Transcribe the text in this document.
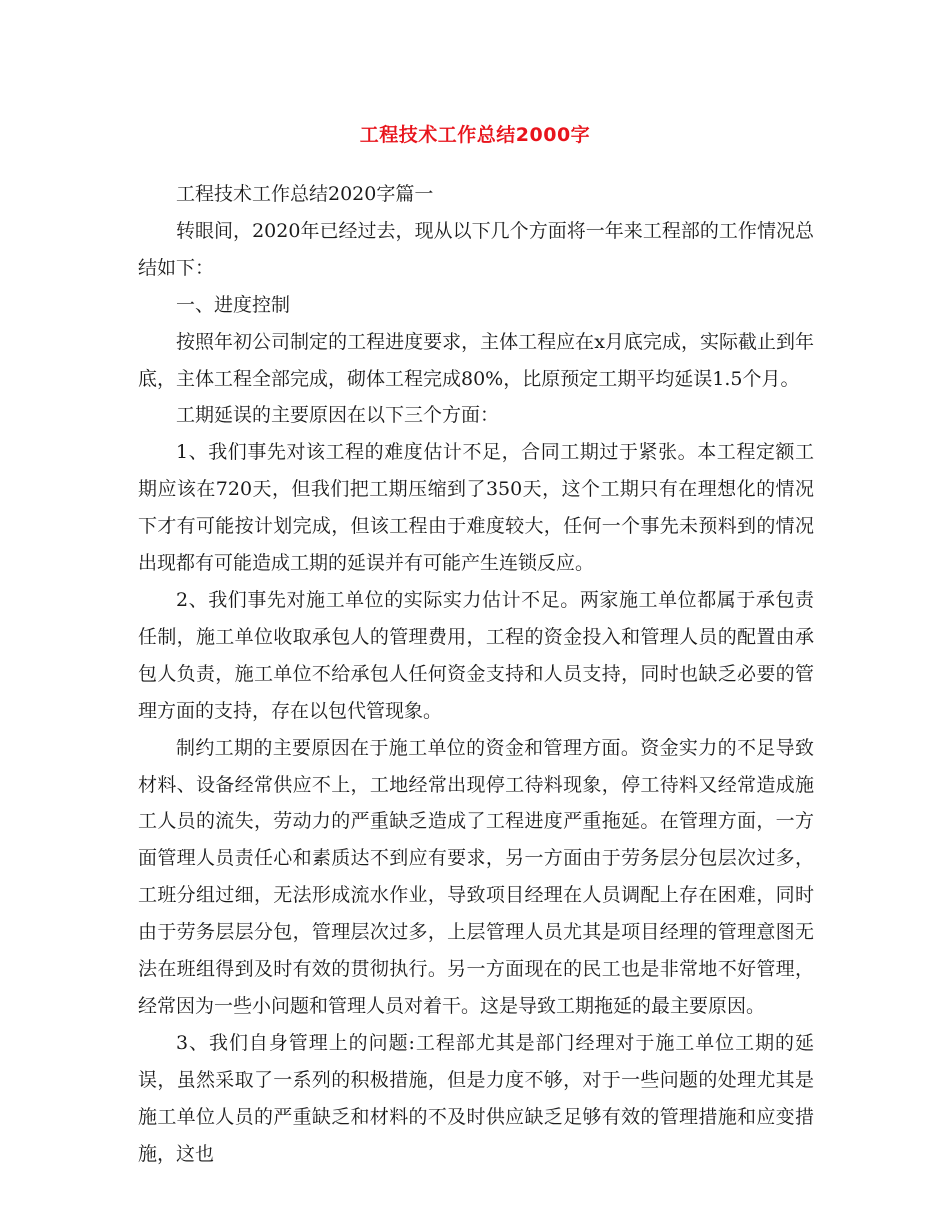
工程技术工作总结2000字

工程技术工作总结2020字篇一

转眼间，2020年已经过去，现从以下几个方面将一年来工程部的工作情况总结如下：

一、进度控制

按照年初公司制定的工程进度要求，主体工程应在x月底完成，实际截止到年底，主体工程全部完成，砌体工程完成80%，比原预定工期平均延误1.5个月。

工期延误的主要原因在以下三个方面：

1、我们事先对该工程的难度估计不足，合同工期过于紧张。本工程定额工期应该在720天，但我们把工期压缩到了350天，这个工期只有在理想化的情况下才有可能按计划完成，但该工程由于难度较大，任何一个事先未预料到的情况出现都有可能造成工期的延误并有可能产生连锁反应。

2、我们事先对施工单位的实际实力估计不足。两家施工单位都属于承包责任制，施工单位收取承包人的管理费用，工程的资金投入和管理人员的配置由承包人负责，施工单位不给承包人任何资金支持和人员支持，同时也缺乏必要的管理方面的支持，存在以包代管现象。

制约工期的主要原因在于施工单位的资金和管理方面。资金实力的不足导致材料、设备经常供应不上，工地经常出现停工待料现象，停工待料又经常造成施工人员的流失，劳动力的严重缺乏造成了工程进度严重拖延。在管理方面，一方面管理人员责任心和素质达不到应有要求，另一方面由于劳务层分包层次过多，工班分组过细，无法形成流水作业，导致项目经理在人员调配上存在困难，同时由于劳务层层分包，管理层次过多，上层管理人员尤其是项目经理的管理意图无法在班组得到及时有效的贯彻执行。另一方面现在的民工也是非常地不好管理，经常因为一些小问题和管理人员对着干。这是导致工期拖延的最主要原因。

3、我们自身管理上的问题:工程部尤其是部门经理对于施工单位工期的延误，虽然采取了一系列的积极措施，但是力度不够，对于一些问题的处理尤其是施工单位人员的严重缺乏和材料的不及时供应缺乏足够有效的管理措施和应变措施，这也
